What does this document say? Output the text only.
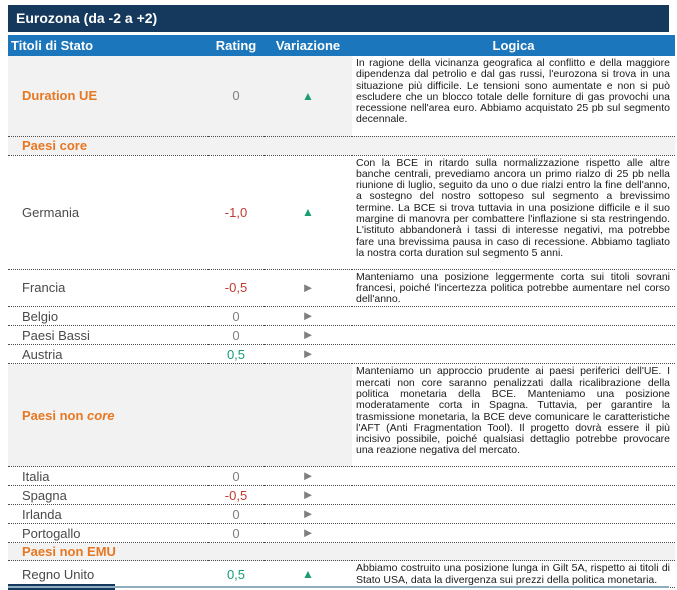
Eurozona (da -2 a +2)
Titoli di Stato	Rating	Variazione	Logica
Duration UE	0	▲	In ragione della vicinanza geografica al conflitto e della maggiore dipendenza dal petrolio e dal gas russi, l'eurozona si trova in una situazione più difficile. Le tensioni sono aumentate e non si può escludere che un blocco totale delle forniture di gas provochi una recessione nell'area euro. Abbiamo acquistato 25 pb sul segmento decennale.
Paesi core			
Germania	-1,0	▲	Con la BCE in ritardo sulla normalizzazione rispetto alle altre banche centrali, prevediamo ancora un primo rialzo di 25 pb nella riunione di luglio, seguito da uno o due rialzi entro la fine dell'anno, a sostegno del nostro sottopeso sul segmento a brevissimo termine. La BCE si trova tuttavia in una posizione difficile e il suo margine di manovra per combattere l'inflazione si sta restringendo. L'istituto abbandonerà i tassi di interesse negativi, ma potrebbe fare una brevissima pausa in caso di recessione. Abbiamo tagliato la nostra corta duration sul segmento 5 anni.
Francia	-0,5	►	Manteniamo una posizione leggermente corta sui titoli sovrani francesi, poiché l'incertezza politica potrebbe aumentare nel corso dell'anno.
Belgio	0	►	
Paesi Bassi	0	►	
Austria	0,5	►	
Paesi non core			Manteniamo un approccio prudente ai paesi periferici dell'UE. I mercati non core saranno penalizzati dalla ricalibrazione della politica monetaria della BCE. Manteniamo una posizione moderatamente corta in Spagna. Tuttavia, per garantire la trasmissione monetaria, la BCE deve comunicare le caratteristiche l'AFT (Anti Fragmentation Tool). Il progetto dovrà essere il più incisivo possibile, poiché qualsiasi dettaglio potrebbe provocare una reazione negativa del mercato.
Italia	0	►	
Spagna	-0,5	►	
Irlanda	0	►	
Portogallo	0	►	
Paesi non EMU			
Regno Unito	0,5	▲	Abbiamo costruito una posizione lunga in Gilt 5A, rispetto ai titoli di Stato USA, data la divergenza sui prezzi della politica monetaria.
